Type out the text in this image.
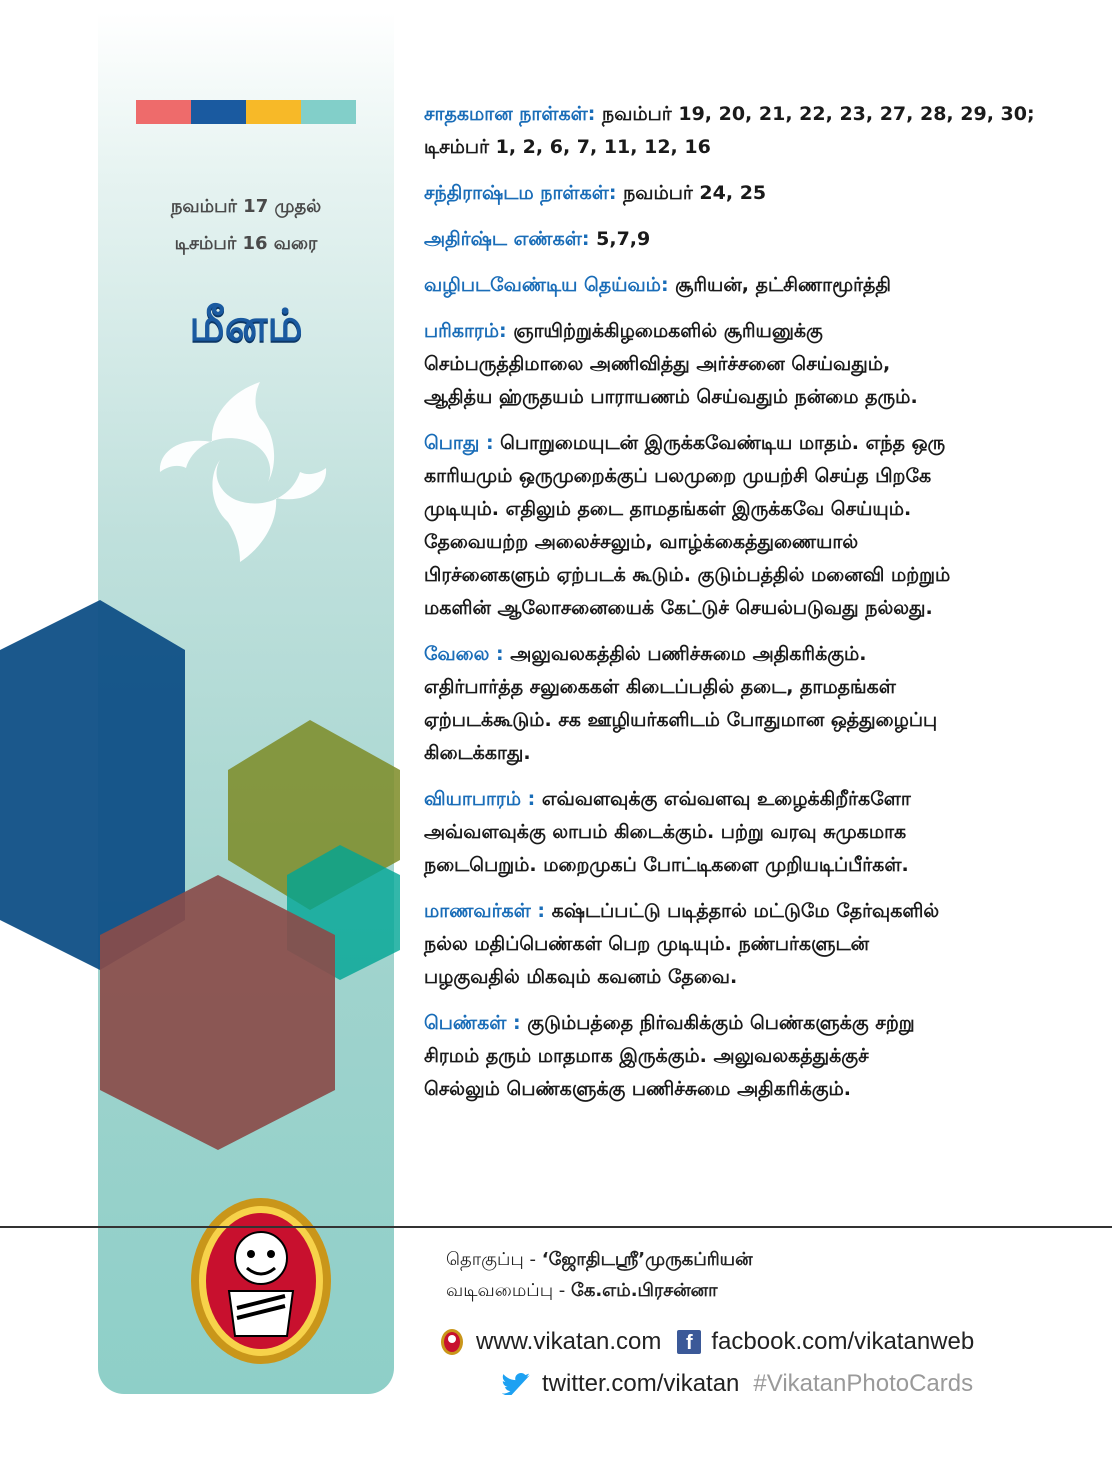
நவம்பர் 17 முதல்
டிசம்பர் 16 வரை
மீனம்

சாதகமான நாள்கள்: நவம்பர் 19, 20, 21, 22, 23, 27, 28, 29, 30;
டிசம்பர் 1, 2, 6, 7, 11, 12, 16

சந்திராஷ்டம நாள்கள்: நவம்பர் 24, 25

அதிர்ஷ்ட எண்கள்: 5,7,9

வழிபடவேண்டிய தெய்வம்: சூரியன், தட்சிணாமூர்த்தி

பரிகாரம்: ஞாயிற்றுக்கிழமைகளில் சூரியனுக்கு
செம்பருத்திமாலை அணிவித்து அர்ச்சனை செய்வதும்,
ஆதித்ய ஹ்ருதயம் பாராயணம் செய்வதும் நன்மை தரும்.

பொது : பொறுமையுடன் இருக்கவேண்டிய மாதம். எந்த ஒரு
காரியமும் ஒருமுறைக்குப் பலமுறை முயற்சி செய்த பிறகே
முடியும். எதிலும் தடை தாமதங்கள் இருக்கவே செய்யும்.
தேவையற்ற அலைச்சலும், வாழ்க்கைத்துணையால்
பிரச்னைகளும் ஏற்படக் கூடும். குடும்பத்தில் மனைவி மற்றும்
மகளின் ஆலோசனையைக் கேட்டுச் செயல்படுவது நல்லது.

வேலை : அலுவலகத்தில் பணிச்சுமை அதிகரிக்கும்.
எதிர்பார்த்த சலுகைகள் கிடைப்பதில் தடை, தாமதங்கள்
ஏற்படக்கூடும். சக ஊழியர்களிடம் போதுமான ஒத்துழைப்பு
கிடைக்காது.

வியாபாரம் : எவ்வளவுக்கு எவ்வளவு உழைக்கிறீர்களோ
அவ்வளவுக்கு லாபம் கிடைக்கும். பற்று வரவு சுமுகமாக
நடைபெறும். மறைமுகப் போட்டிகளை முறியடிப்பீர்கள்.

மாணவர்கள் : கஷ்டப்பட்டு படித்தால் மட்டுமே தேர்வுகளில்
நல்ல மதிப்பெண்கள் பெற முடியும். நண்பர்களுடன்
பழகுவதில் மிகவும் கவனம் தேவை.

பெண்கள் : குடும்பத்தை நிர்வகிக்கும் பெண்களுக்கு சற்று
சிரமம் தரும் மாதமாக இருக்கும். அலுவலகத்துக்குச்
செல்லும் பெண்களுக்கு பணிச்சுமை அதிகரிக்கும்.

தொகுப்பு - ‘ஜோதிடஸ்ரீ’முருகப்ரியன்
வடிவமைப்பு - கே.எம்.பிரசன்னா
www.vikatan.com	f facbook.com/vikatanweb
twitter.com/vikatan #VikatanPhotoCards
